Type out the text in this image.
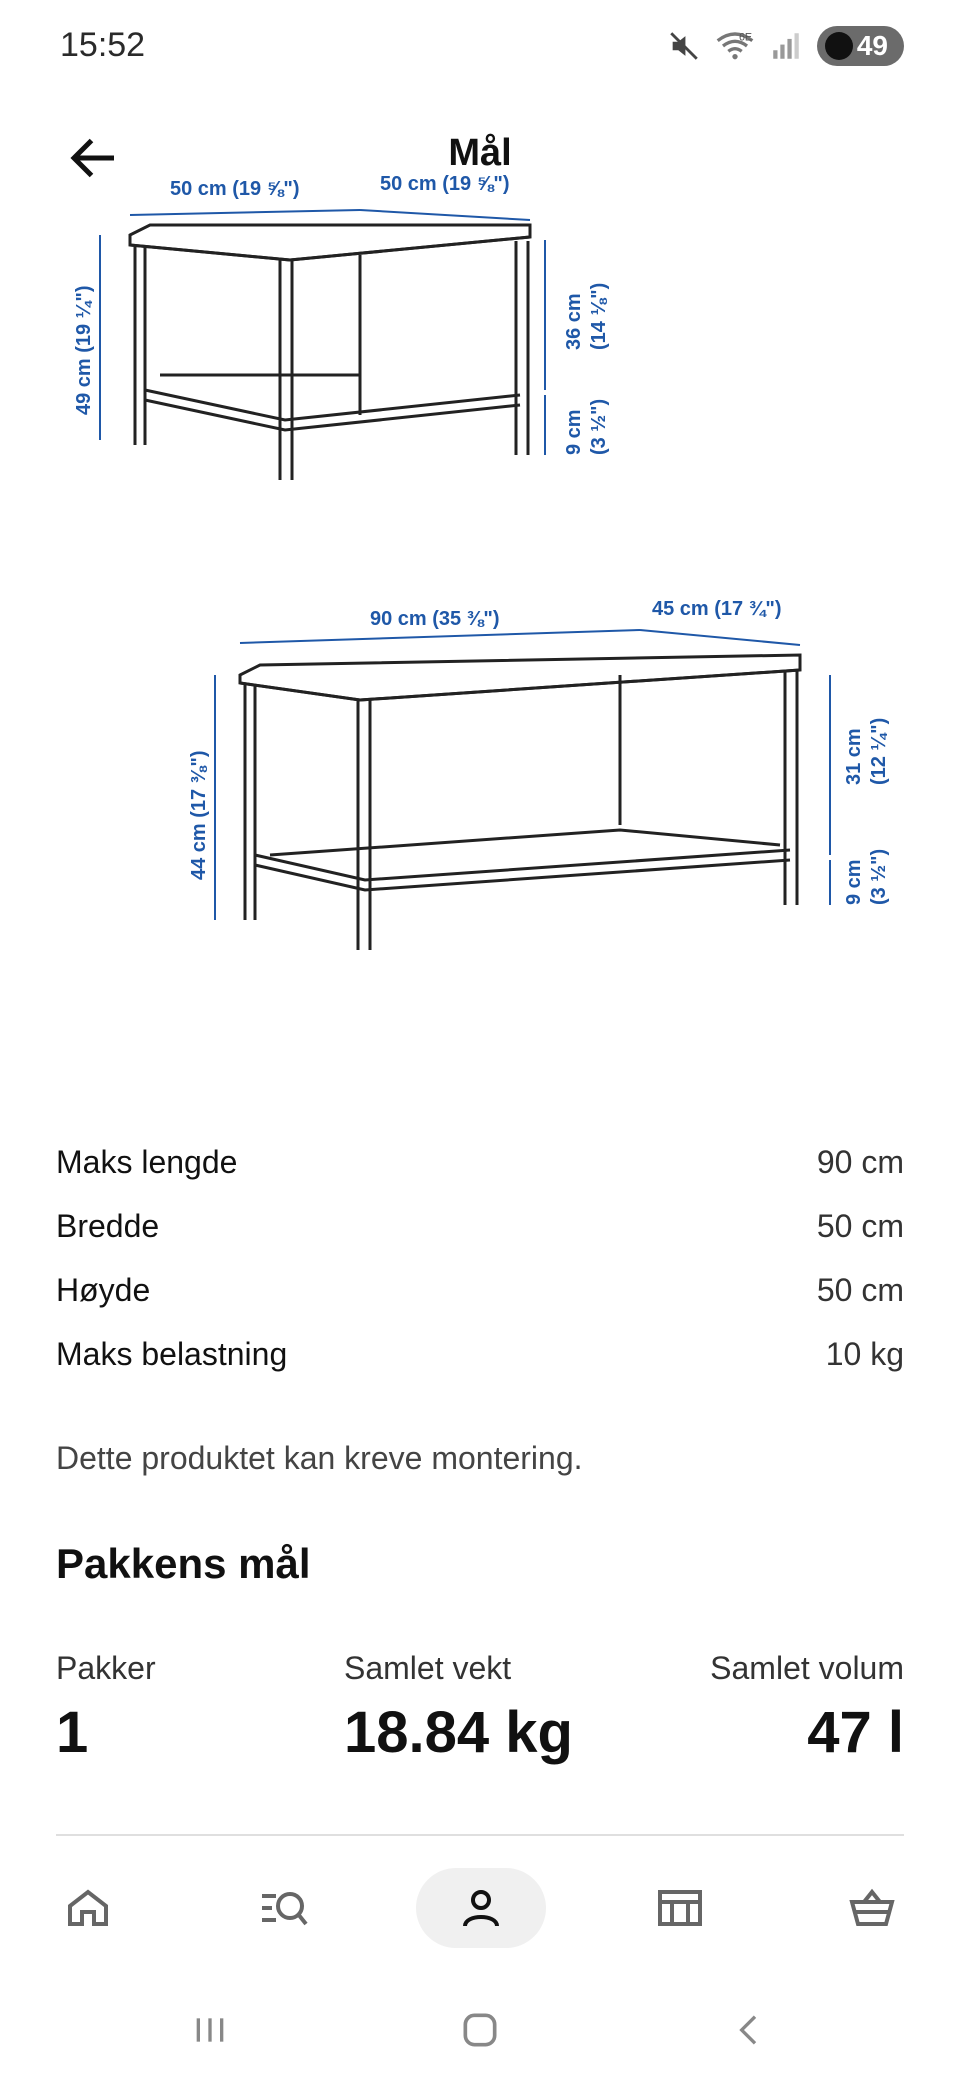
15:52	6E	49
Mål
50 cm (19 ⅝")	50 cm (19 ⅝")
49 cm (19 ¼")	36 cm (14 ⅛")
9 cm (3 ½")
90 cm (35 ⅜")	45 cm (17 ¾")
44 cm (17 ⅜")	31 cm (12 ¼")
9 cm (3 ½")
Maks lengde	90 cm
Bredde	50 cm
Høyde	50 cm
Maks belastning	10 kg
Dette produktet kan kreve montering.
Pakkens mål
Pakker
1
Samlet vekt
18.84 kg
Samlet volum
47 l
